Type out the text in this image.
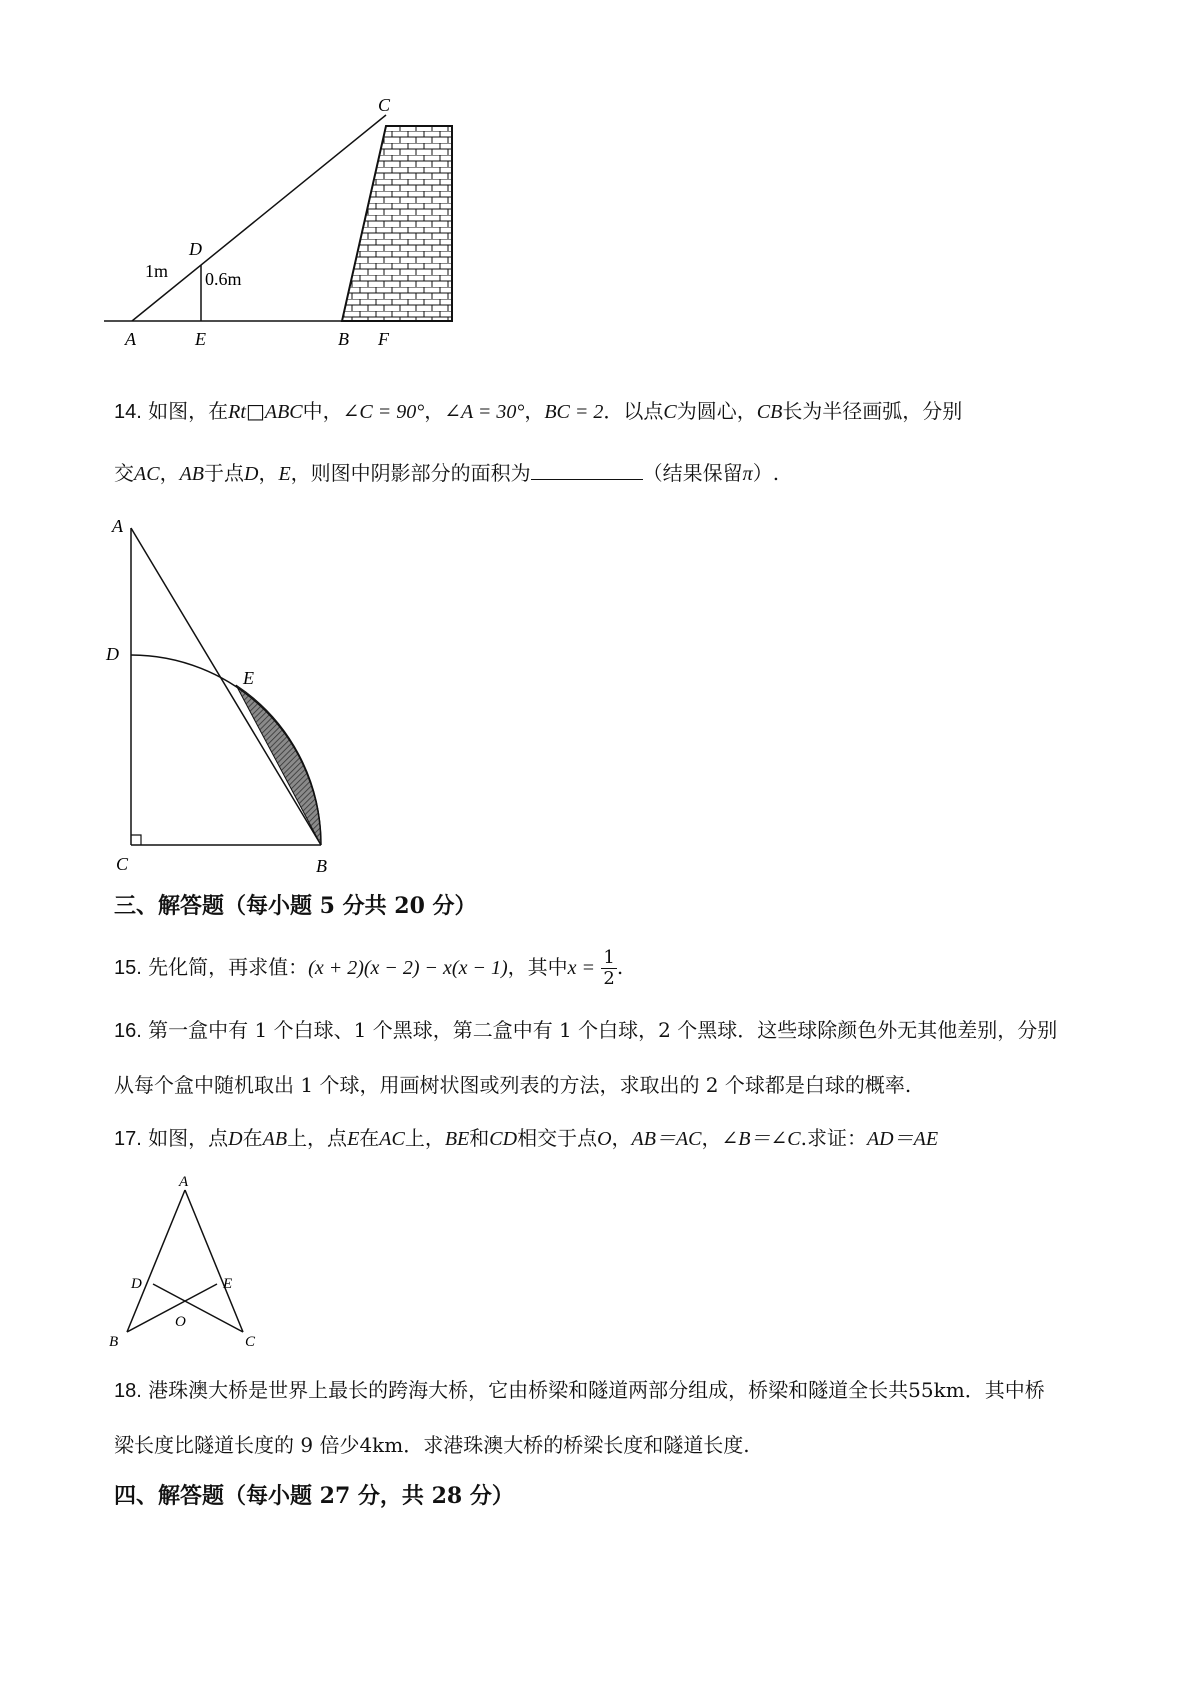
C
D
A	E	B F
1m 0.6m
14. 如图，在Rt□ABC中，∠C = 90°，∠A = 30°，BC = 2．以点C为圆心，CB长为半径画弧，分别
交AC，AB于点D，E，则图中阴影部分的面积为	（结果保留π）.
A
D
E
C	B
三、解答题（每小题 5 分共 20 分）
15. 先化简，再求值：(x + 2)(x − 2) − x(x − 1)，其中$x = \frac{1}{2}$ .
16. 第一盒中有 1 个白球、1 个黑球，第二盒中有 1 个白球，2 个黑球．这些球除颜色外无其他差别，分别
从每个盒中随机取出 1 个球，用画树状图或列表的方法，求取出的 2 个球都是白球的概率.
17. 如图，点D在AB上，点E在AC上，BE和CD相交于点O，AB＝AC，∠B＝∠C.求证：AD＝AE
A
D	E
B
O
C
18. 港珠澳大桥是世界上最长的跨海大桥，它由桥梁和隧道两部分组成，桥梁和隧道全长共55km．其中桥
梁长度比隧道长度的 9 倍少4km．求港珠澳大桥的桥梁长度和隧道长度.
四、解答题（每小题 27 分，共 28 分）
